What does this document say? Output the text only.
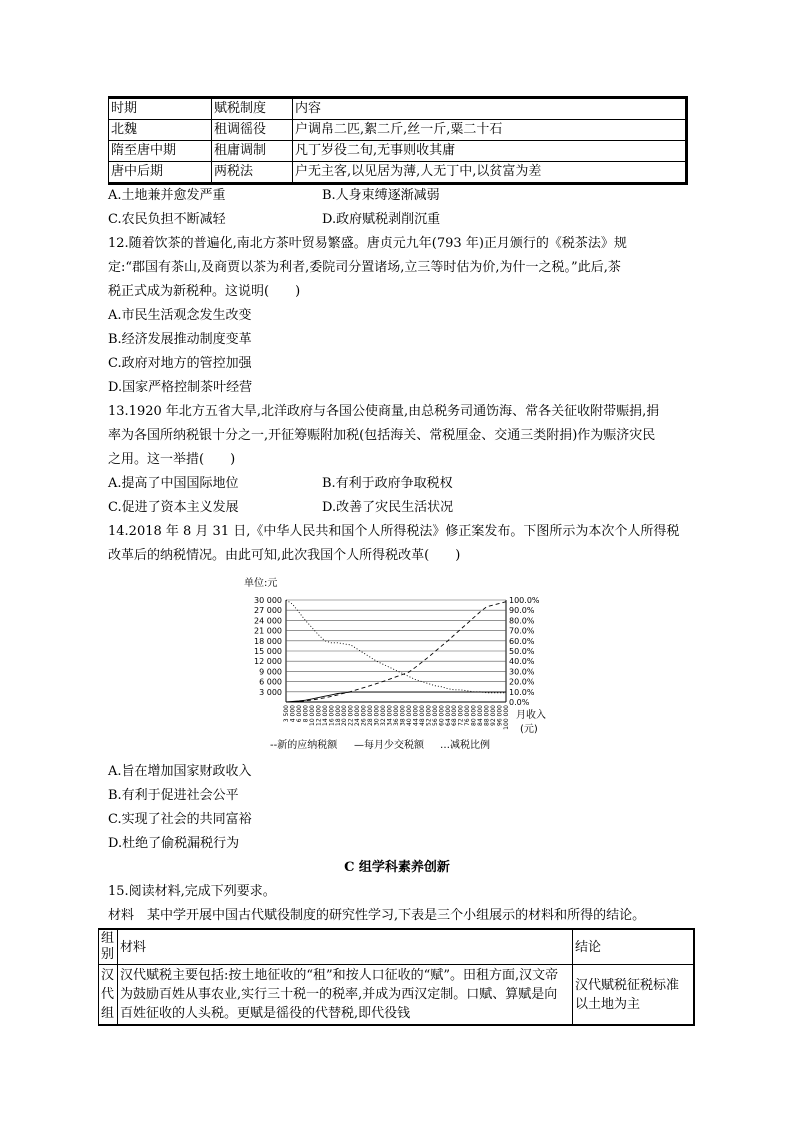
时期	赋税制度	内容
北魏	租调徭役	户调帛二匹,絮二斤,丝一斤,粟二十石
隋至唐中期	租庸调制	凡丁岁役二旬,无事则收其庸
唐中后期	两税法	户无主客,以见居为薄,人无丁中,以贫富为差
A.土地兼并愈发严重	B.人身束缚逐渐减弱
C.农民负担不断减轻	D.政府赋税剥削沉重
12.随着饮茶的普遍化,南北方茶叶贸易繁盛。唐贞元九年(793 年)正月颁行的《税茶法》规
定:“郡国有茶山,及商贾以茶为利者,委院司分置诸场,立三等时估为价,为什一之税。”此后,茶
税正式成为新税种。这说明(　　)
A.市民生活观念发生改变
B.经济发展推动制度变革
C.政府对地方的管控加强
D.国家严格控制茶叶经营
13.1920 年北方五省大旱,北洋政府与各国公使商量,由总税务司通饬海、常各关征收附带赈捐,捐
率为各国所纳税银十分之一,开征筹赈附加税(包括海关、常税厘金、交通三类附捐)作为赈济灾民
之用。这一举措(　　)
A.提高了中国国际地位	B.有利于政府争取税权
C.促进了资本主义发展	D.改善了灾民生活状况
14.2018 年 8 月 31 日,《中华人民共和国个人所得税法》修正案发布。下图所示为本次个人所得税
改革后的纳税情况。由此可知,此次我国个人所得税改革(　　)
单位:元
30 000
27 000
24 000
21 000
18 000
15 000
12 000
9 000
6 000
3 000
100.0%
90.0%
80.0%
70.0%
60.0%
50.0%
40.0%
30.0%
20.0%
10.0%
0.0%
3 500 4 000 6 000 8 000 10 000 12 000 14 000 16 000 18 000 20 000 22 000 24 000 26 000 28 000 30 000 32 000 34 000 36 000 38 000 40 000 44 000 48 000 52 000 56 000 60 000 64 000 68 000 72 000 76 000 80 000 84 000 88 000 92 000 96 000 100 000 月收入
(元)
--新的应纳税额 —每月少交税额 …减税比例
A.旨在增加国家财政收入
B.有利于促进社会公平
C.实现了社会的共同富裕
D.杜绝了偷税漏税行为
C 组学科素养创新
15.阅读材料,完成下列要求。
材料　某中学开展中国古代赋役制度的研究性学习,下表是三个小组展示的材料和所得的结论。
组别	材料	结论
汉代组	汉代赋税主要包括:按土地征收的“租”和按人口征收的“赋”。田租方面,汉文帝为鼓励百姓从事农业,实行三十税一的税率,并成为西汉定制。口赋、算赋是向百姓征收的人头税。更赋是徭役的代替税,即代役钱	汉代赋税征税标准以土地为主
